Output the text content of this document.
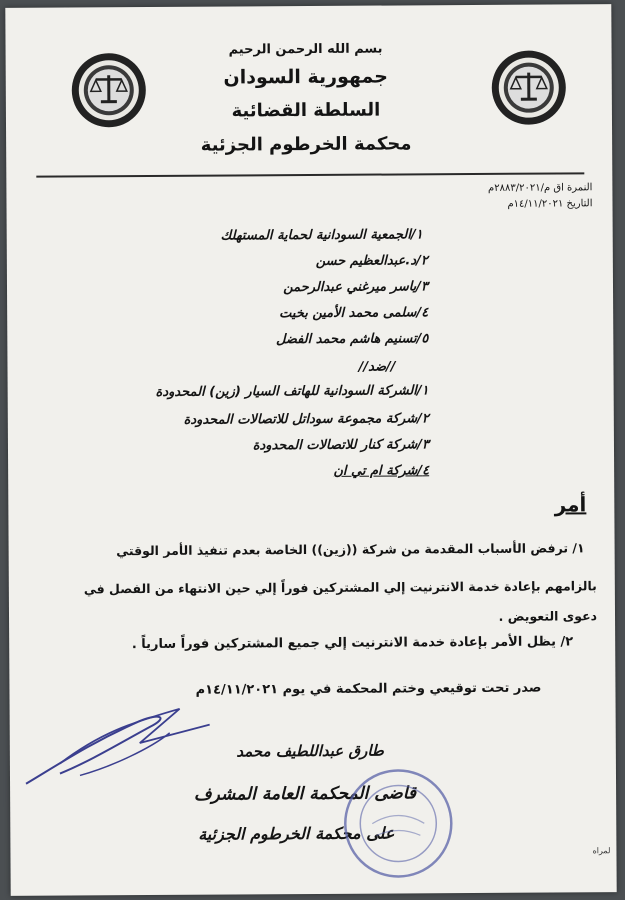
بسم الله الرحمن الرحيم
جمهورية السودان
السلطة القضائية
محكمة الخرطوم الجزئية
النمرة اق م/٢٨٨٣/٢٠٢١م
التاريخ ١٤/١١/٢٠٢١م
١/الجمعية السودانية لحماية المستهلك
٢/د.عبدالعظيم حسن
٣/ياسر ميرغني عبدالرحمن
٤/سلمى محمد الأمين بخيت
٥/تسنيم هاشم محمد الفضل
//ضد//
١/الشركة السودانية للهاتف السيار (زين) المحدودة
٢/شركة مجموعة سوداتل للاتصالات المحدودة
٣/شركة كنار للاتصالات المحدودة
٤/شركة ام تي ان
أمر
١/ ترفض الأسباب المقدمة من شركة ((زين)) الخاصة بعدم تنفيذ الأمر الوقتي
بالزامهم بإعادة خدمة الانترنيت إلي المشتركين فوراً إلي حين الانتهاء من الفصل في
دعوى التعويض .
٢/ يظل الأمر بإعادة خدمة الانترنيت إلي جميع المشتركين فوراً سارياً .
صدر تحت توقيعي وختم المحكمة في يوم ١٤/١١/٢٠٢١م
طارق عبداللطيف محمد
قاضى المحكمة العامة المشرف
على محكمة الخرطوم الجزئية
لمراه
